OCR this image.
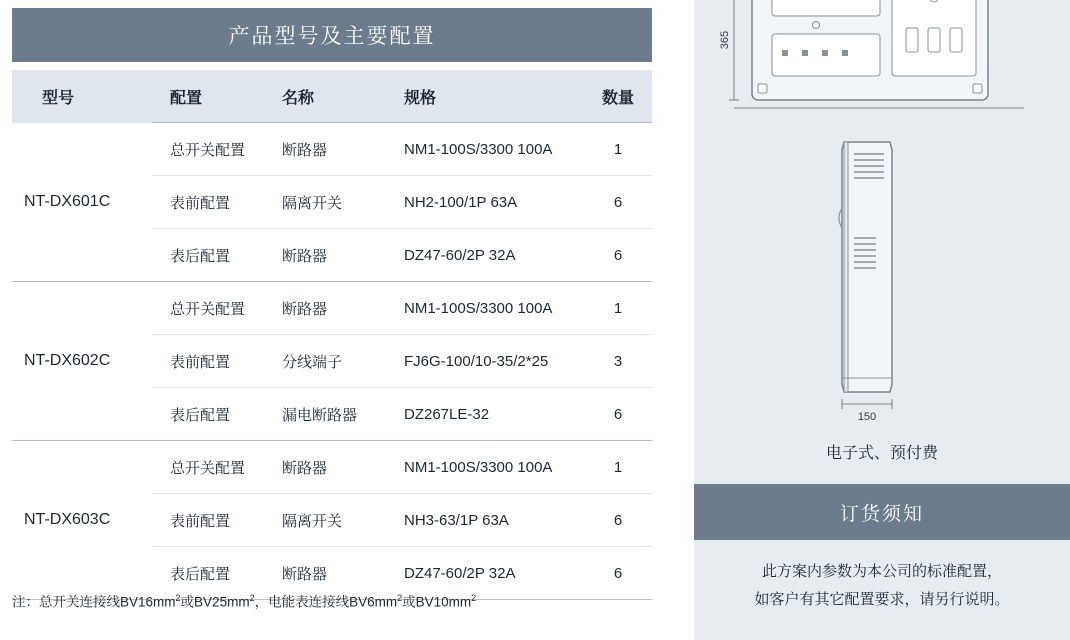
产品型号及主要配置
型号	配置	名称	规格	数量
NT-DX601C	总开关配置	断路器	NM1-100S/3300 100A	1
	表前配置	隔离开关	NH2-100/1P 63A	6
	表后配置	断路器	DZ47-60/2P 32A	6
NT-DX602C	总开关配置	断路器	NM1-100S/3300 100A	1
	表前配置	分线端子	FJ6G-100/10-35/2*25	3
	表后配置	漏电断路器	DZ267LE-32	6
NT-DX603C	总开关配置	断路器	NM1-100S/3300 100A	1
	表前配置	隔离开关	NH3-63/1P 63A	6
	表后配置	断路器	DZ47-60/2P 32A	6
注：总开关连接线$BV16mm^2$或$BV25mm^2$，电能表连接线$BV6mm^2$或$BV10mm^2$
365
150
电子式、预付费
订货须知
此方案内参数为本公司的标准配置，
如客户有其它配置要求，请另行说明。
